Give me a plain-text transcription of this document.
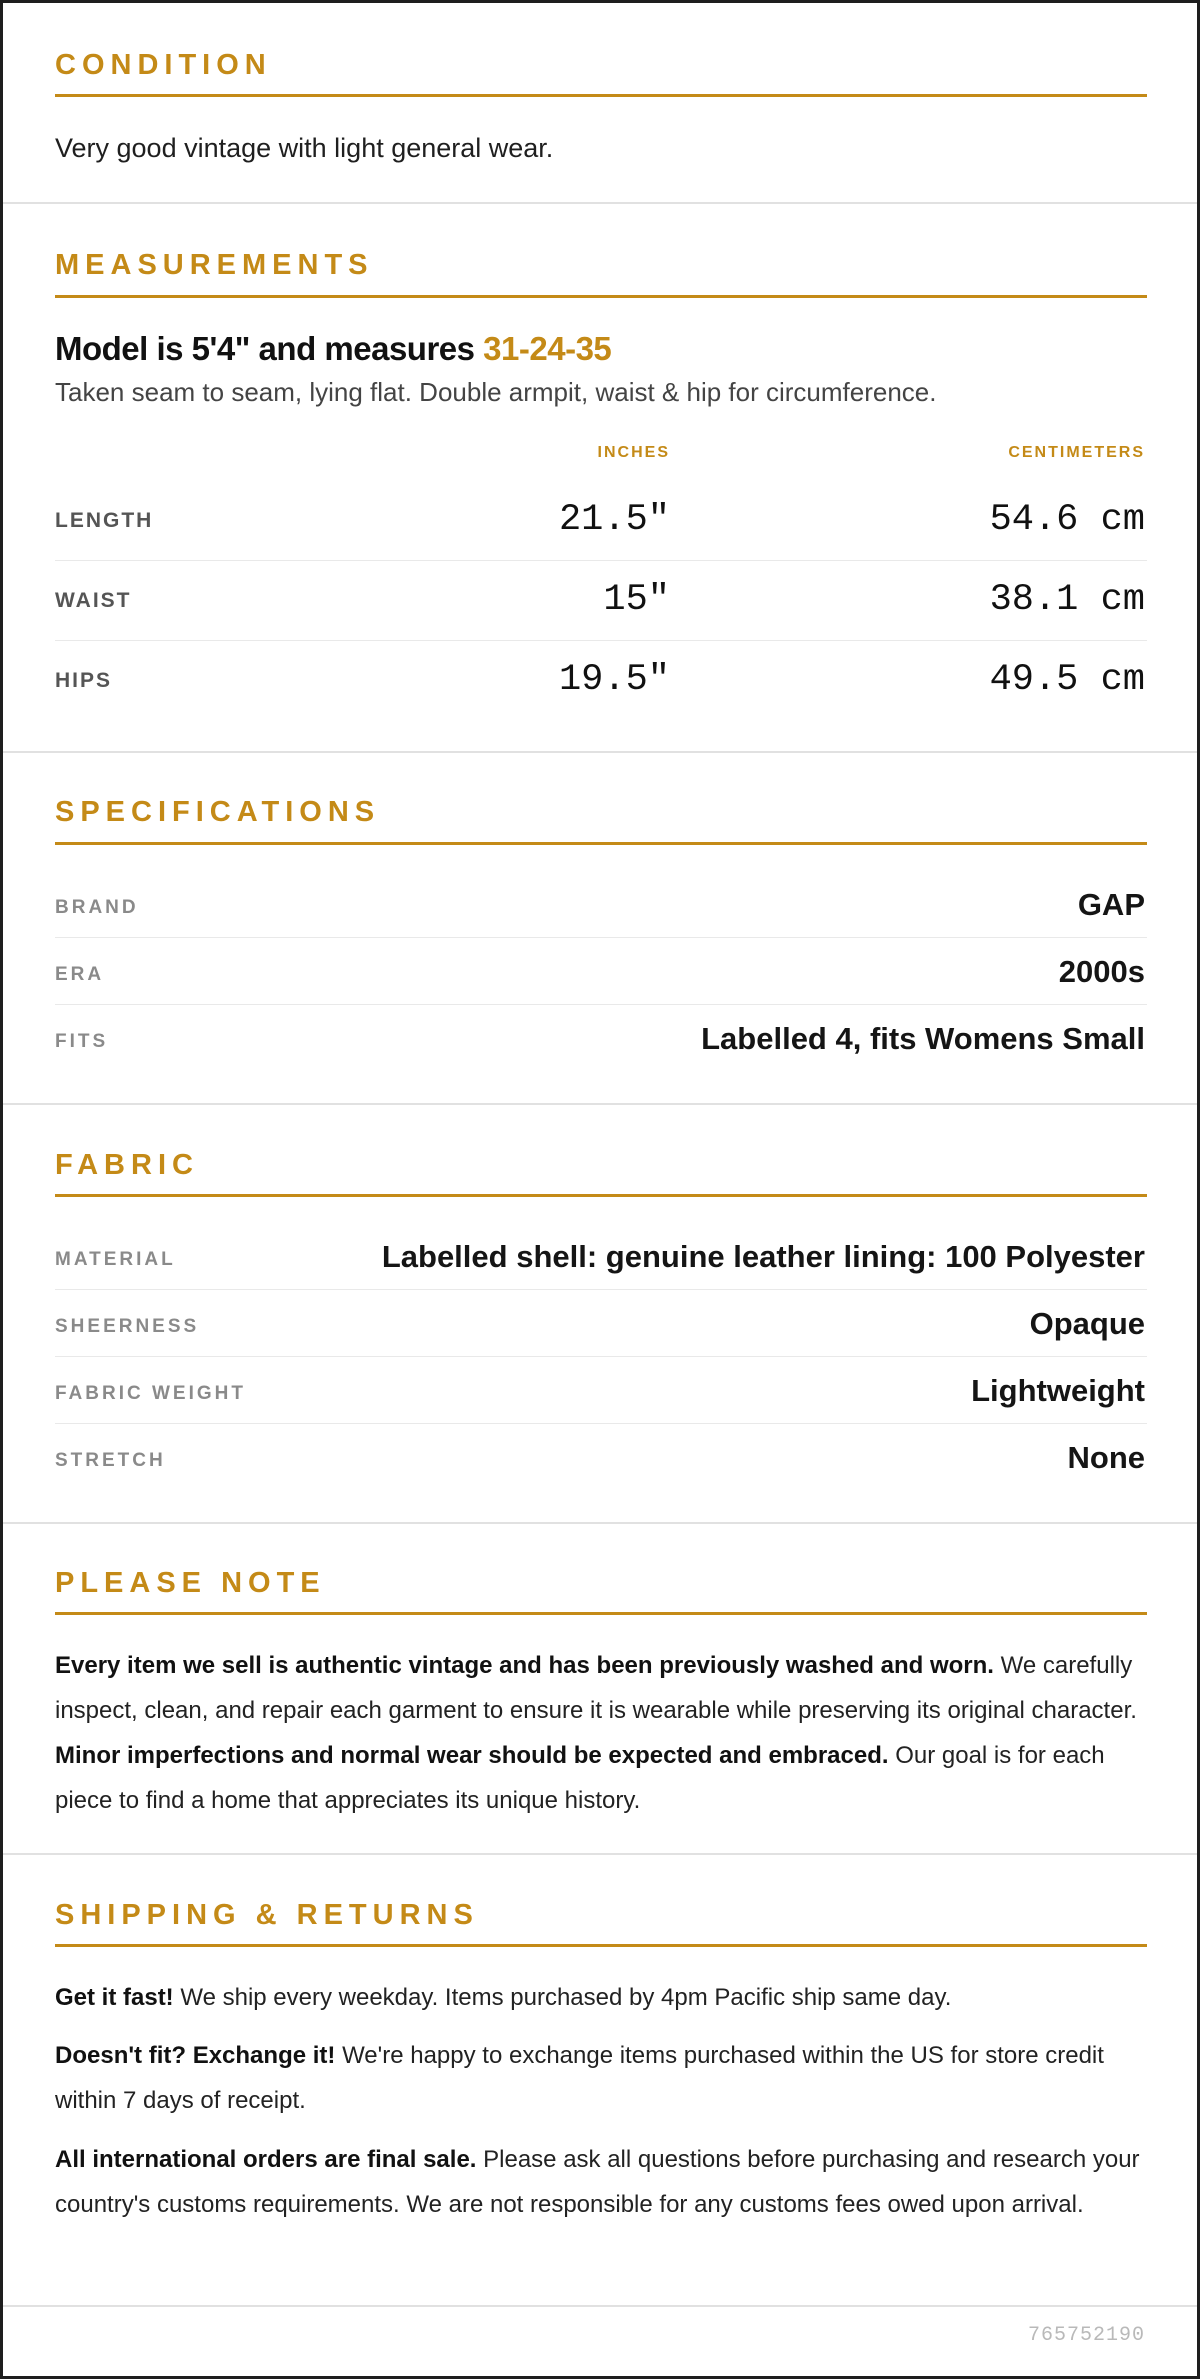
CONDITION
Very good vintage with light general wear.
MEASUREMENTS
Model is 5'4" and measures 31-24-35
Taken seam to seam, lying flat. Double armpit, waist & hip for circumference.
INCHES	CENTIMETERS
LENGTH	21.5"	54.6 cm
WAIST	15"	38.1 cm
HIPS	19.5"	49.5 cm
SPECIFICATIONS
BRAND	GAP
ERA	2000s
FITS	Labelled 4, fits Womens Small
FABRIC
MATERIAL	Labelled shell: genuine leather lining: 100 Polyester
SHEERNESS	Opaque
FABRIC WEIGHT	Lightweight
STRETCH	None
PLEASE NOTE
Every item we sell is authentic vintage and has been previously washed and worn. We carefully inspect, clean, and repair each garment to ensure it is wearable while preserving its original character. Minor imperfections and normal wear should be expected and embraced. Our goal is for each piece to find a home that appreciates its unique history.
SHIPPING & RETURNS
Get it fast! We ship every weekday. Items purchased by 4pm Pacific ship same day.
Doesn't fit? Exchange it! We're happy to exchange items purchased within the US for store credit within 7 days of receipt.
All international orders are final sale. Please ask all questions before purchasing and research your country's customs requirements. We are not responsible for any customs fees owed upon arrival.
765752190
